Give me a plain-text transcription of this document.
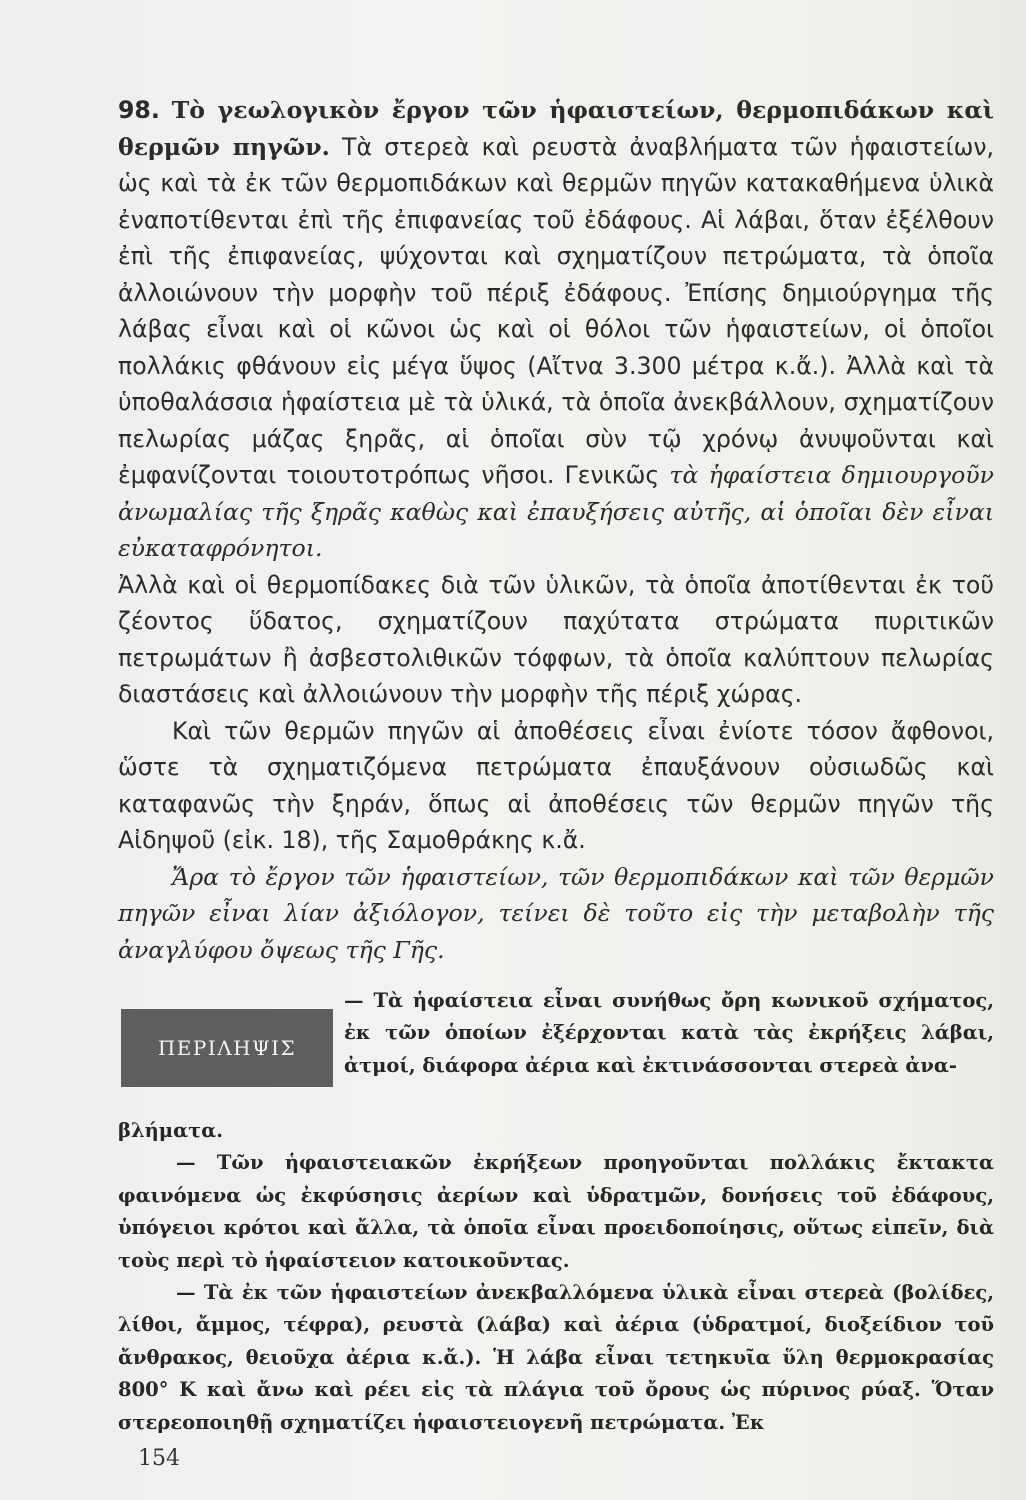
98. Τὸ γεωλογικὸν ἔργον τῶν ἡφαιστείων, θερμοπιδάκων καὶ θερμῶν πηγῶν. Τὰ στερεὰ καὶ ρευστὰ ἀναβλήματα τῶν ἡφαιστείων, ὡς καὶ τὰ ἐκ τῶν θερμοπιδάκων καὶ θερμῶν πηγῶν κατακαθήμενα ὑλικὰ ἐναποτίθενται ἐπὶ τῆς ἐπιφανείας τοῦ ἐδάφους. Αἱ λάβαι, ὅταν ἐξέλθουν ἐπὶ τῆς ἐπιφανείας, ψύχονται καὶ σχηματίζουν πετρώματα, τὰ ὁποῖα ἀλλοιώνουν τὴν μορφὴν τοῦ πέριξ ἐδάφους. Ἐπίσης δημιούργημα τῆς λάβας εἶναι καὶ οἱ κῶνοι ὡς καὶ οἱ θόλοι τῶν ἡφαιστείων, οἱ ὁποῖοι πολλάκις φθάνουν εἰς μέγα ὕψος (Αἴτνα 3.300 μέτρα κ.ἄ.). Ἀλλὰ καὶ τὰ ὑποθαλάσσια ἡφαίστεια μὲ τὰ ὑλικά, τὰ ὁποῖα ἀνεκβάλλουν, σχηματίζουν πελωρίας μάζας ξηρᾶς, αἱ ὁποῖαι σὺν τῷ χρόνῳ ἀνυψοῦνται καὶ ἐμφανίζονται τοιουτοτρόπως νῆσοι. Γενικῶς τὰ ἡφαίστεια δημιουργοῦν ἀνωμαλίας τῆς ξηρᾶς καθὼς καὶ ἐπαυξήσεις αὐτῆς, αἱ ὁποῖαι δὲν εἶναι εὐκαταφρόνητοι.

Ἀλλὰ καὶ οἱ θερμοπίδακες διὰ τῶν ὑλικῶν, τὰ ὁποῖα ἀποτίθενται ἐκ τοῦ ζέοντος ὕδατος, σχηματίζουν παχύτατα στρώματα πυριτικῶν πετρωμάτων ἢ ἀσβεστολιθικῶν τόφφων, τὰ ὁποῖα καλύπτουν πελωρίας διαστάσεις καὶ ἀλλοιώνουν τὴν μορφὴν τῆς πέριξ χώρας.

Καὶ τῶν θερμῶν πηγῶν αἱ ἀποθέσεις εἶναι ἐνίοτε τόσον ἄφθονοι, ὥστε τὰ σχηματιζόμενα πετρώματα ἐπαυξάνουν οὐσιωδῶς καὶ καταφανῶς τὴν ξηράν, ὅπως αἱ ἀποθέσεις τῶν θερμῶν πηγῶν τῆς Αἰδηψοῦ (εἰκ. 18), τῆς Σαμοθράκης κ.ἄ.

Ἄρα τὸ ἔργον τῶν ἡφαιστείων, τῶν θερμοπιδάκων καὶ τῶν θερμῶν πηγῶν εἶναι λίαν ἀξιόλογον, τείνει δὲ τοῦτο εἰς τὴν μεταβολὴν τῆς ἀναγλύφου ὄψεως τῆς Γῆς.

ΠΕΡΙΛΗΨΙΣ
— Τὰ ἡφαίστεια εἶναι συνήθως ὄρη κωνικοῦ σχήματος, ἐκ τῶν ὁποίων ἐξέρχονται κατὰ τὰς ἐκρήξεις λάβαι, ἀτμοί, διάφορα ἀέρια καὶ ἐκτινάσσονται στερεὰ ἀνα-

βλήματα.

— Τῶν ἡφαιστειακῶν ἐκρήξεων προηγοῦνται πολλάκις ἔκτακτα φαινόμενα ὡς ἐκφύσησις ἀερίων καὶ ὑδρατμῶν, δονήσεις τοῦ ἐδάφους, ὑπόγειοι κρότοι καὶ ἄλλα, τὰ ὁποῖα εἶναι προειδοποίησις, οὕτως εἰπεῖν, διὰ τοὺς περὶ τὸ ἡφαίστειον κατοικοῦντας.

— Τὰ ἐκ τῶν ἡφαιστείων ἀνεκβαλλόμενα ὑλικὰ εἶναι στερεὰ (βολίδες, λίθοι, ἄμμος, τέφρα), ρευστὰ (λάβα) καὶ ἀέρια (ὑδρατμοί, διοξείδιον τοῦ ἄνθρακος, θειοῦχα ἀέρια κ.ἄ.). Ἡ λάβα εἶναι τετηκυῖα ὕλη θερμοκρασίας 800° K καὶ ἄνω καὶ ρέει εἰς τὰ πλάγια τοῦ ὄρους ὡς πύρινος ρύαξ. Ὅταν στερεοποιηθῇ σχηματίζει ἡφαιστειογενῆ πετρώματα. Ἐκ

154
